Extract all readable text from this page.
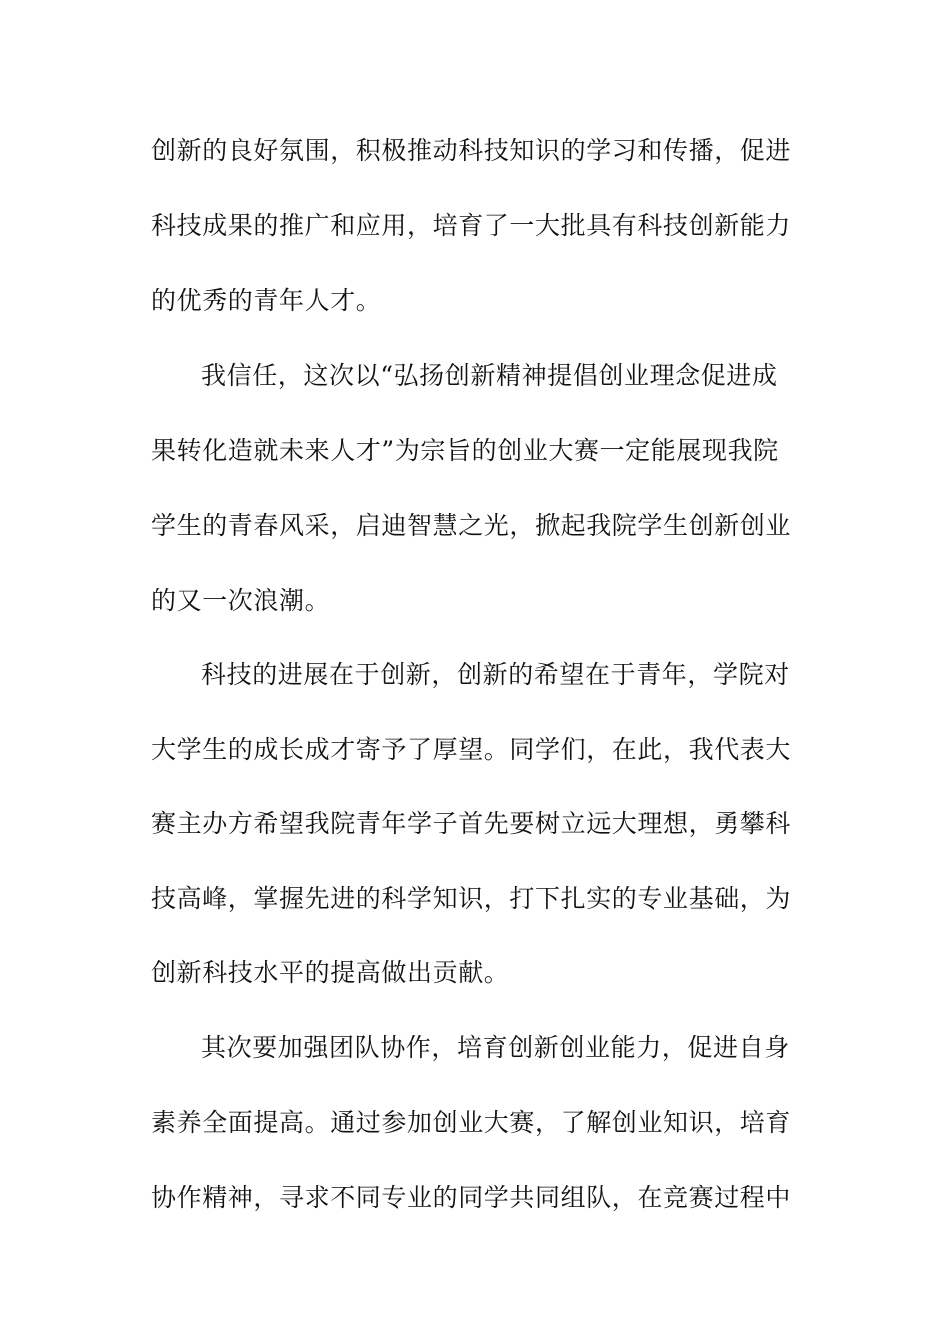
创新的良好氛围，积极推动科技知识的学习和传播，促进
科技成果的推广和应用，培育了一大批具有科技创新能力
的优秀的青年人才。
我信任，这次以“弘扬创新精神提倡创业理念促进成
果转化造就未来人才”为宗旨的创业大赛一定能展现我院
学生的青春风采，启迪智慧之光，掀起我院学生创新创业
的又一次浪潮。
科技的进展在于创新，创新的希望在于青年，学院对
大学生的成长成才寄予了厚望。同学们，在此，我代表大
赛主办方希望我院青年学子首先要树立远大理想，勇攀科
技高峰，掌握先进的科学知识，打下扎实的专业基础，为
创新科技水平的提高做出贡献。
其次要加强团队协作，培育创新创业能力，促进自身
素养全面提高。通过参加创业大赛，了解创业知识，培育
协作精神，寻求不同专业的同学共同组队，在竞赛过程中
